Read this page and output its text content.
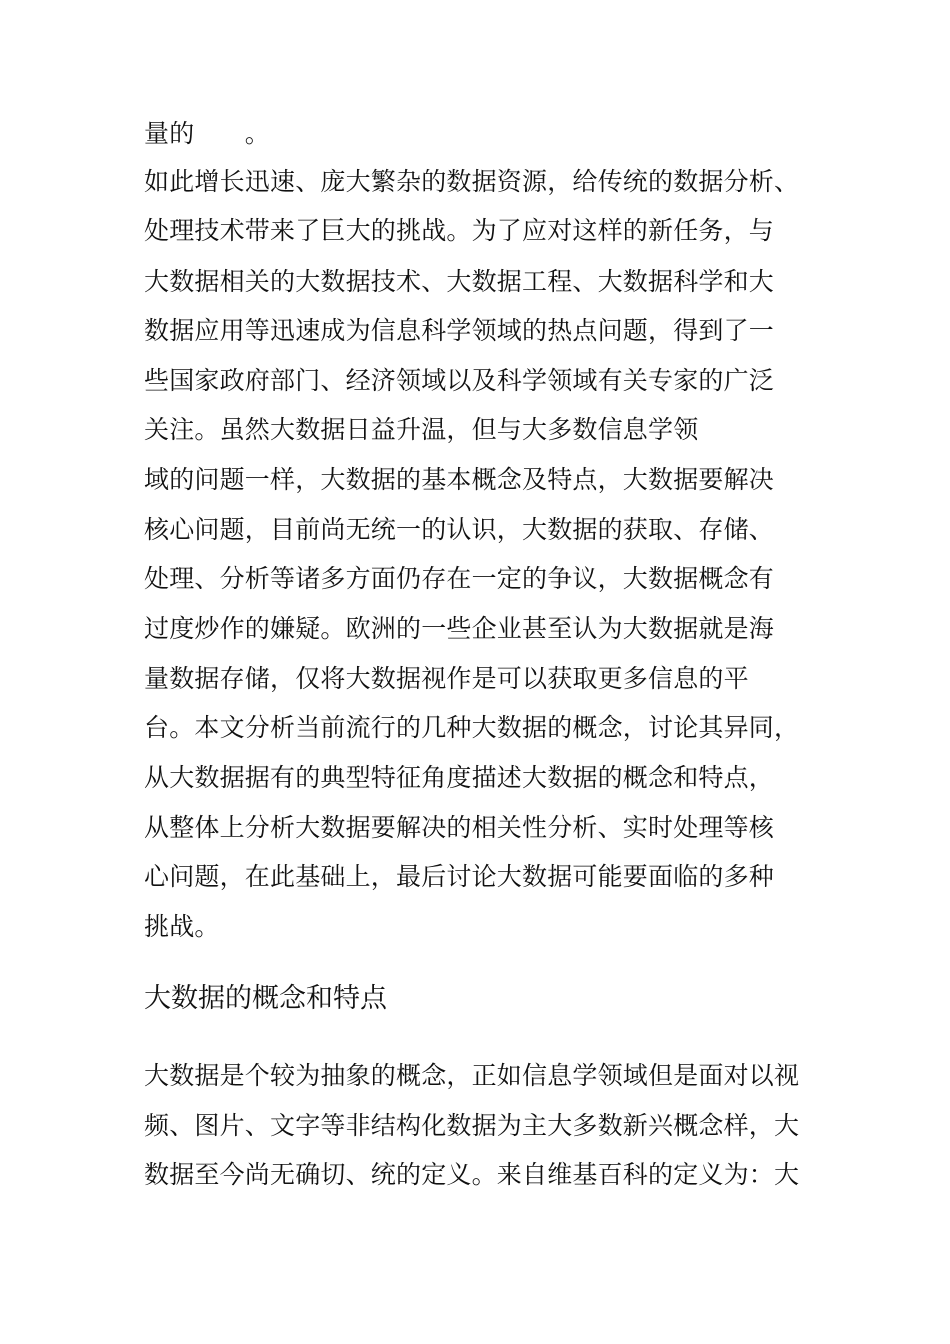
量的　　。
如此增长迅速、庞大繁杂的数据资源，给传统的数据分析、
处理技术带来了巨大的挑战。为了应对这样的新任务，与
大数据相关的大数据技术、大数据工程、大数据科学和大
数据应用等迅速成为信息科学领域的热点问题，得到了一
些国家政府部门、经济领域以及科学领域有关专家的广泛
关注。虽然大数据日益升温，但与大多数信息学领
域的问题一样，大数据的基本概念及特点，大数据要解决
核心问题，目前尚无统一的认识，大数据的获取、存储、
处理、分析等诸多方面仍存在一定的争议，大数据概念有
过度炒作的嫌疑。欧洲的一些企业甚至认为大数据就是海
量数据存储，仅将大数据视作是可以获取更多信息的平
台。本文分析当前流行的几种大数据的概念，讨论其异同，
从大数据据有的典型特征角度描述大数据的概念和特点，
从整体上分析大数据要解决的相关性分析、实时处理等核
心问题，在此基础上，最后讨论大数据可能要面临的多种
挑战。
大数据的概念和特点
大数据是个较为抽象的概念，正如信息学领域但是面对以视
频、图片、文字等非结构化数据为主大多数新兴概念样，大
数据至今尚无确切、统的定义。来自维基百科的定义为：大
